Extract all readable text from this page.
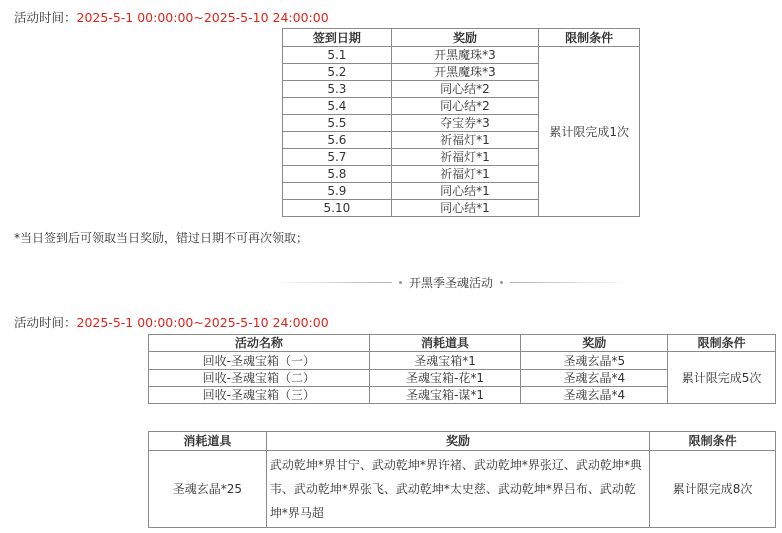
活动时间：2025-5-1 00:00:00~2025-5-10 24:00:00
签到日期	奖励	限制条件
5.1	开黑魔珠*3	累计限完成1次
5.2	开黑魔珠*3	
5.3	同心结*2	
5.4	同心结*2	
5.5	夺宝券*3	
5.6	祈福灯*1	
5.7	祈福灯*1	
5.8	祈福灯*1	
5.9	同心结*1	
5.10	同心结*1	
*当日签到后可领取当日奖励，错过日期不可再次领取；
开黑季圣魂活动
活动时间：2025-5-1 00:00:00~2025-5-10 24:00:00
活动名称	消耗道具	奖励	限制条件
回收-圣魂宝箱（一）	圣魂宝箱*1	圣魂玄晶*5	累计限完成5次
回收-圣魂宝箱（二）	圣魂宝箱-花*1	圣魂玄晶*4	
回收-圣魂宝箱（三）	圣魂宝箱-谋*1	圣魂玄晶*4	
消耗道具	奖励	限制条件
圣魂玄晶*25	武动乾坤*界甘宁、武动乾坤*界许褚、武动乾坤*界张辽、武动乾坤*典韦、武动乾坤*界张飞、武动乾坤*太史慈、武动乾坤*界吕布、武动乾坤*界马超	累计限完成8次
